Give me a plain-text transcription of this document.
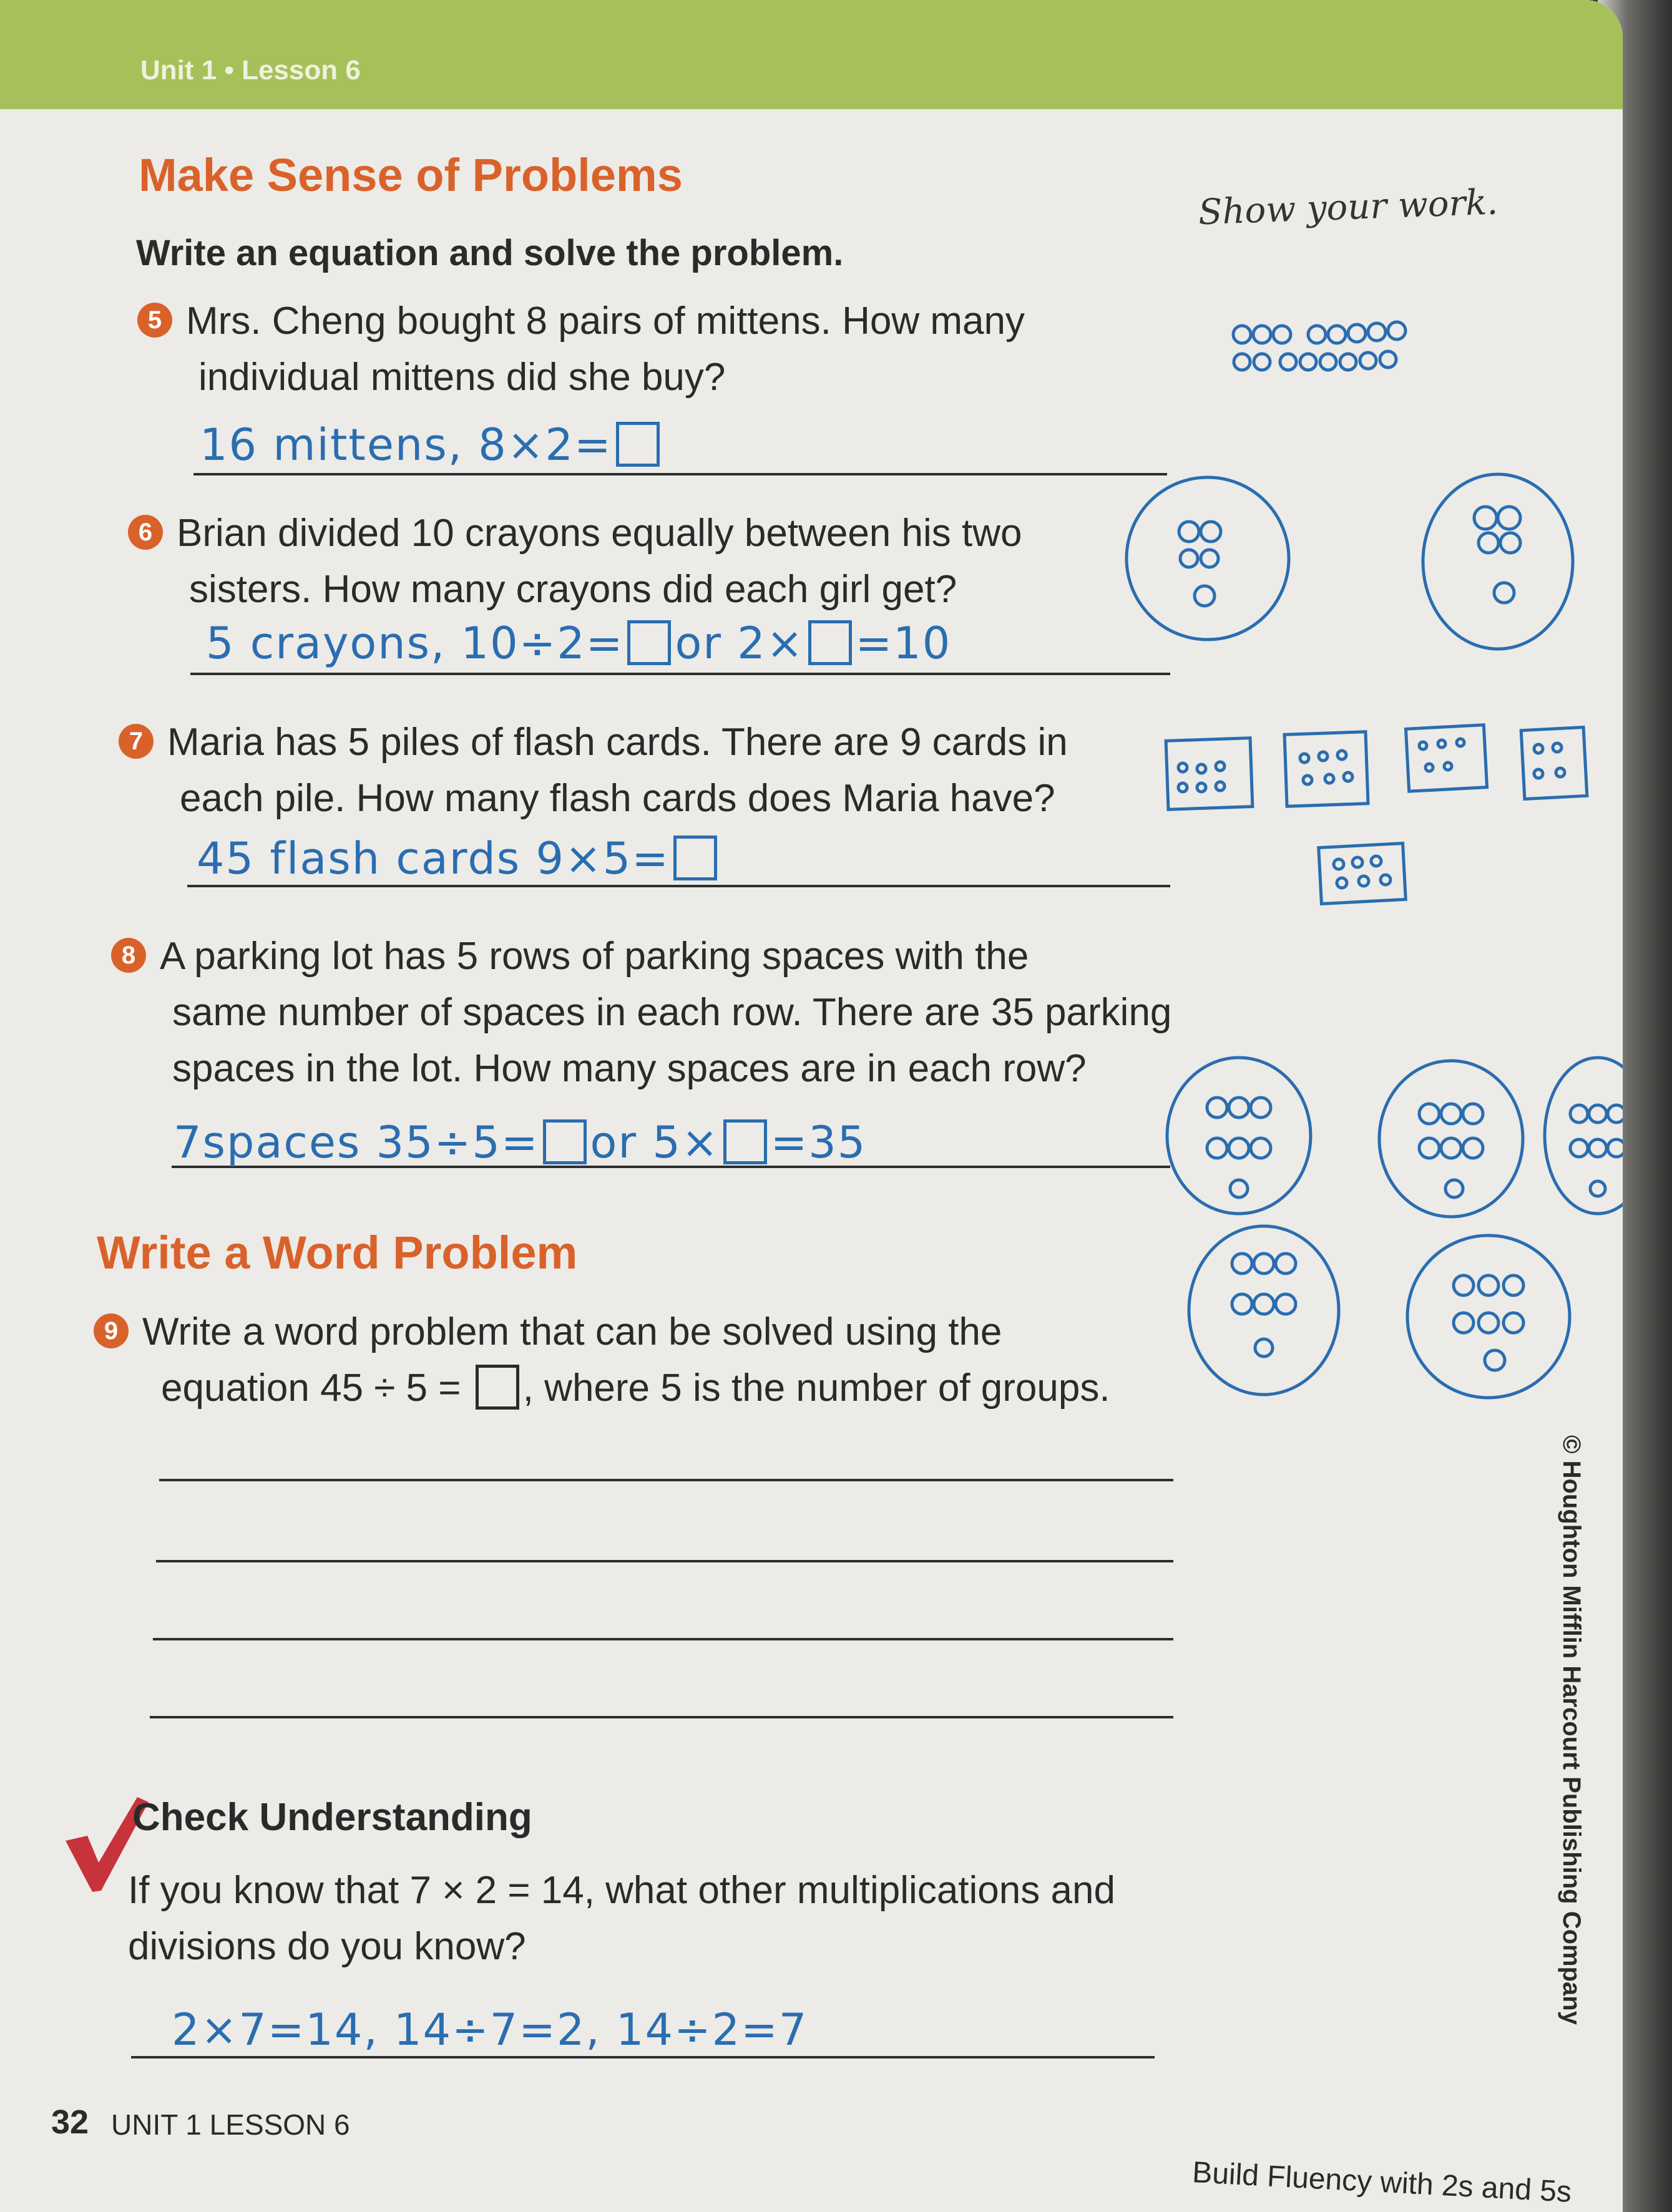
Unit 1 • Lesson 6
Make Sense of Problems
Write an equation and solve the problem.
Show your work.
5 Mrs. Cheng bought 8 pairs of mittens. How many
individual mittens did she buy?
16 mittens, 8×2=
6 Brian divided 10 crayons equally between his two
sisters. How many crayons did each girl get?
5 crayons, 10÷2= or 2× =10
7 Maria has 5 piles of flash cards. There are 9 cards in
each pile. How many flash cards does Maria have?
45 flash cards 9×5=
8 A parking lot has 5 rows of parking spaces with the
same number of spaces in each row. There are 35 parking
spaces in the lot. How many spaces are in each row?
7spaces 35÷5= or 5× =35
Write a Word Problem
9 Write a word problem that can be solved using the
equation 45 ÷ 5 = , where 5 is the number of groups.
Check Understanding
If you know that 7 × 2 = 14, what other multiplications and
divisions do you know?
2×7=14, 14÷7=2, 14÷2=7
32 UNIT 1 LESSON 6
Build Fluency with 2s and 5s
© Houghton Mifflin Harcourt Publishing Company
